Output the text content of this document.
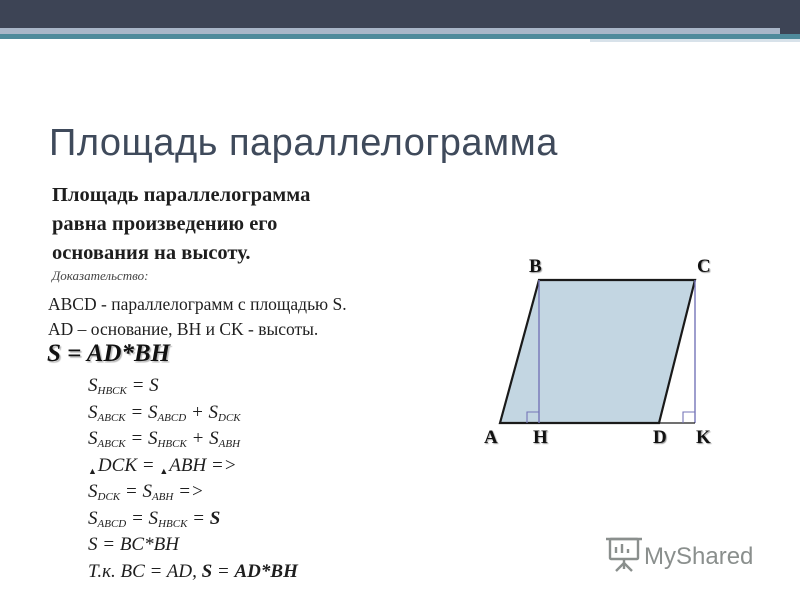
Площадь параллелограмма
Площадь параллелограмма
равна произведению его
основания на высоту.
Доказательство:
ABCD - параллелограмм с площадью S.
AD – основание, BH и CK - высоты.
S = AD*BH
$S_{HBCK} = S$
$S_{ABCK} = S_{ABCD} + S_{DCK}$
$S_{ABCK} = S_{HBCK} + S_{ABH}$
▲DCK = ▲ABH =>
$S_{DCK} = S_{ABH}$ =>
$S_{ABCD} = S_{HBCK} = S$
S = BC*BH
Т.к. BC = AD, S = AD*BH
B	C
A H	D K
MyShared
